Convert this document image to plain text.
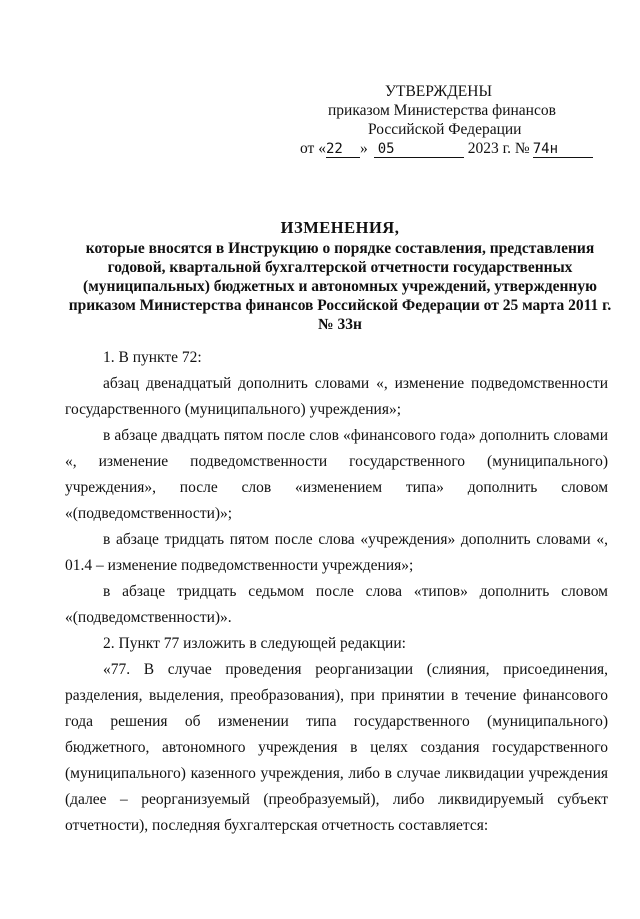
УТВЕРЖДЕНЫ
приказом Министерства финансов
Российской Федерации
от « 22	» 05	2023 г. № 74н
ИЗМЕНЕНИЯ,
которые вносятся в Инструкцию о порядке составления, представления годовой, квартальной бухгалтерской отчетности государственных (муниципальных) бюджетных и автономных учреждений, утвержденную приказом Министерства финансов Российской Федерации от 25 марта 2011 г. № 33н

1. В пункте 72:

абзац двенадцатый дополнить словами «, изменение подведомственности государственного (муниципального) учреждения»;

в абзаце двадцать пятом после слов «финансового года» дополнить словами «, изменение подведомственности государственного (муниципального) учреждения», после слов «изменением типа» дополнить словом «(подведомственности)»;

в абзаце тридцать пятом после слова «учреждения» дополнить словами «, 01.4 – изменение подведомственности учреждения»;

в абзаце тридцать седьмом после слова «типов» дополнить словом «(подведомственности)».

2. Пункт 77 изложить в следующей редакции:

«77. В случае проведения реорганизации (слияния, присоединения, разделения, выделения, преобразования), при принятии в течение финансового года решения об изменении типа государственного (муниципального) бюджетного, автономного учреждения в целях создания государственного (муниципального) казенного учреждения, либо в случае ликвидации учреждения (далее – реорганизуемый (преобразуемый), либо ликвидируемый субъект отчетности), последняя бухгалтерская отчетность составляется:
